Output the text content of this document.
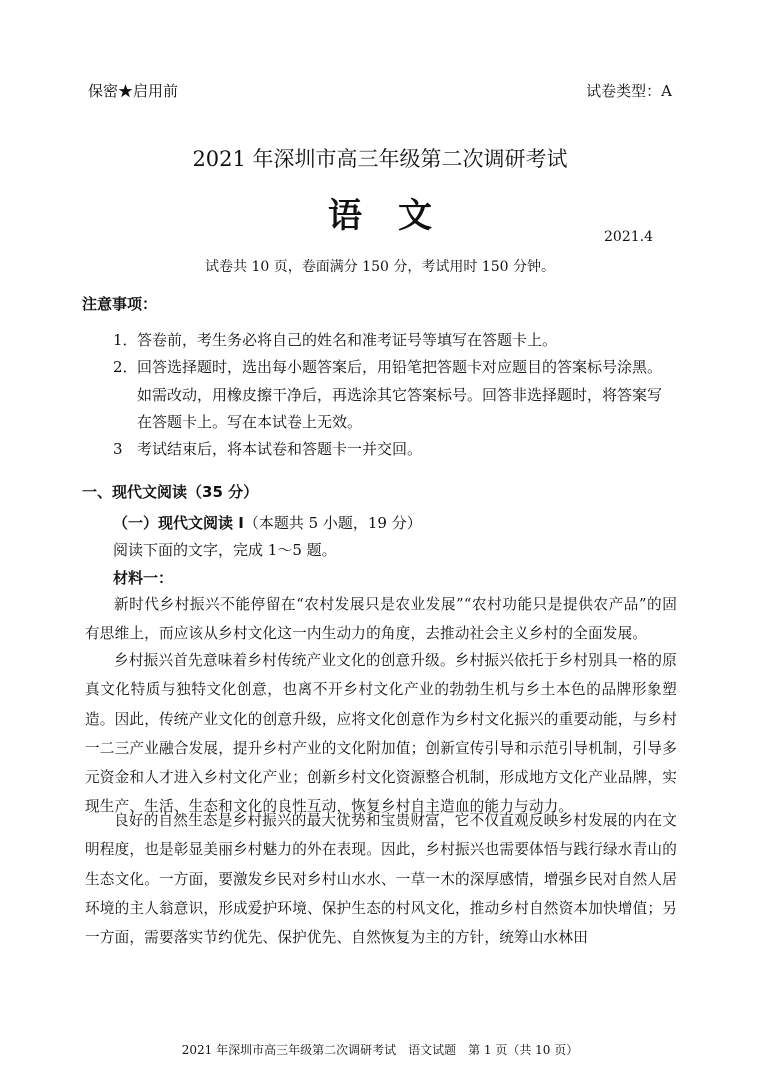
保密★启用前	试卷类型：A
2021 年深圳市高三年级第二次调研考试
语文
2021.4
试卷共 10 页，卷面满分 150 分，考试用时 150 分钟。
注意事项：
1．答卷前，考生务必将自己的姓名和准考证号等填写在答题卡上。
2．回答选择题时，选出每小题答案后，用铅笔把答题卡对应题目的答案标号涂黑。
如需改动，用橡皮擦干净后，再选涂其它答案标号。回答非选择题时，将答案写
在答题卡上。写在本试卷上无效。
3 考试结束后，将本试卷和答题卡一并交回。
一、现代文阅读（35 分）
（一）现代文阅读 I（本题共 5 小题，19 分）
阅读下面的文字，完成 1～5 题。
材料一：
新时代乡村振兴不能停留在“农村发展只是农业发展”“农村功能只是提供农产品”的固有思维上，而应该从乡村文化这一内生动力的角度，去推动社会主义乡村的全面发展。
乡村振兴首先意味着乡村传统产业文化的创意升级。乡村振兴依托于乡村别具一格的原真文化特质与独特文化创意，也离不开乡村文化产业的勃勃生机与乡土本色的品牌形象塑造。因此，传统产业文化的创意升级，应将文化创意作为乡村文化振兴的重要动能，与乡村一二三产业融合发展，提升乡村产业的文化附加值；创新宣传引导和示范引导机制，引导多元资金和人才进入乡村文化产业；创新乡村文化资源整合机制，形成地方文化产业品牌，实现生产、生活、生态和文化的良性互动，恢复乡村自主造血的能力与动力。
良好的自然生态是乡村振兴的最大优势和宝贵财富，它不仅直观反映乡村发展的内在文明程度，也是彰显美丽乡村魅力的外在表现。因此，乡村振兴也需要体悟与践行绿水青山的生态文化。一方面，要激发乡民对乡村山水水、一草一木的深厚感情，增强乡民对自然人居环境的主人翁意识，形成爱护环境、保护生态的村风文化，推动乡村自然资本加快增值；另一方面，需要落实节约优先、保护优先、自然恢复为主的方针，统筹山水林田
2021 年深圳市高三年级第二次调研考试　语文试题　第 1 页（共 10 页）
